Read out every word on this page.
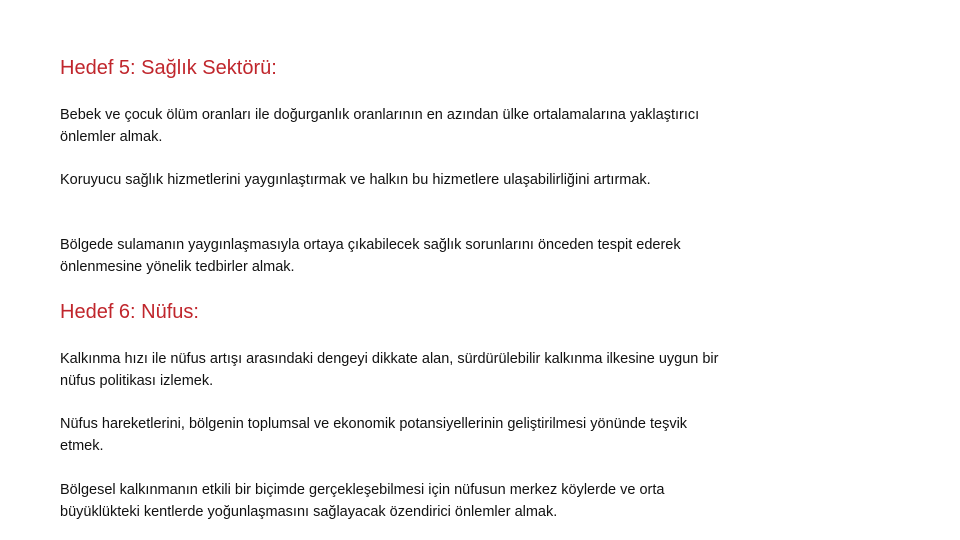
Hedef 5: Sağlık Sektörü:

Bebek ve çocuk ölüm oranları ile doğurganlık oranlarının en azından ülke ortalamalarına yaklaştırıcı önlemler almak.

Koruyucu sağlık hizmetlerini yaygınlaştırmak ve halkın bu hizmetlere ulaşabilirliğini artırmak.

Bölgede sulamanın yaygınlaşmasıyla ortaya çıkabilecek sağlık sorunlarını önceden tespit ederek önlenmesine yönelik tedbirler almak.

Hedef 6: Nüfus:

Kalkınma hızı ile nüfus artışı arasındaki dengeyi dikkate alan, sürdürülebilir kalkınma ilkesine uygun bir nüfus politikası izlemek.

Nüfus hareketlerini, bölgenin toplumsal ve ekonomik potansiyellerinin geliştirilmesi yönünde teşvik etmek.

Bölgesel kalkınmanın etkili bir biçimde gerçekleşebilmesi için nüfusun merkez köylerde ve orta büyüklükteki kentlerde yoğunlaşmasını sağlayacak özendirici önlemler almak.
